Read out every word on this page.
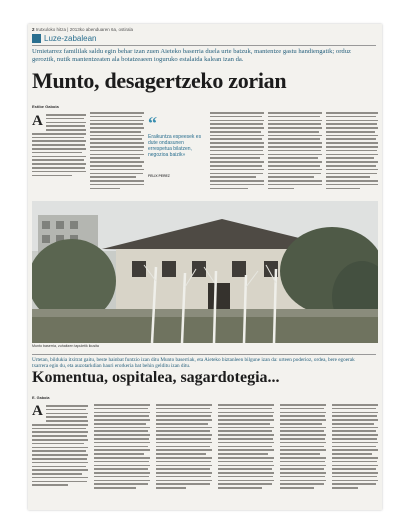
2 Irutxuloko hitza | 2013ko abenduaren 6a, ostirala
Luze-zabalean
Urnietarrez famililak saldu egin behar izan zuen Aieteko baserria duela urte batzuk, mantentze gastu handiengatik; orduz geroztik, nutik mantentzeaten ala botatzeaeen ioguruko estalaida kalean izan da.
Munto, desagertzeko zorian
Estibe Gaboia
A	“
Eraikuntza espeesek es dute ondasunen errespetua bilatzen, negozioa baizik»
FELIX PEREZ
Munto baserria, zuhaitzen tapuletik ikusita
Urtetan, bildukia itxitrat gaitu, beste hainbat funtzio izan ditu Munto baserriak, eta Aieteko biztanleen bilgune izan da: urteen poderioz, ordea, bere egoerak txarrera egin du, eta auzotarkdian hauri erorkeria bat behin gelditu izan ditu.
Komentua, ospitalea, sagardotegia...
E. Gaboia
A
